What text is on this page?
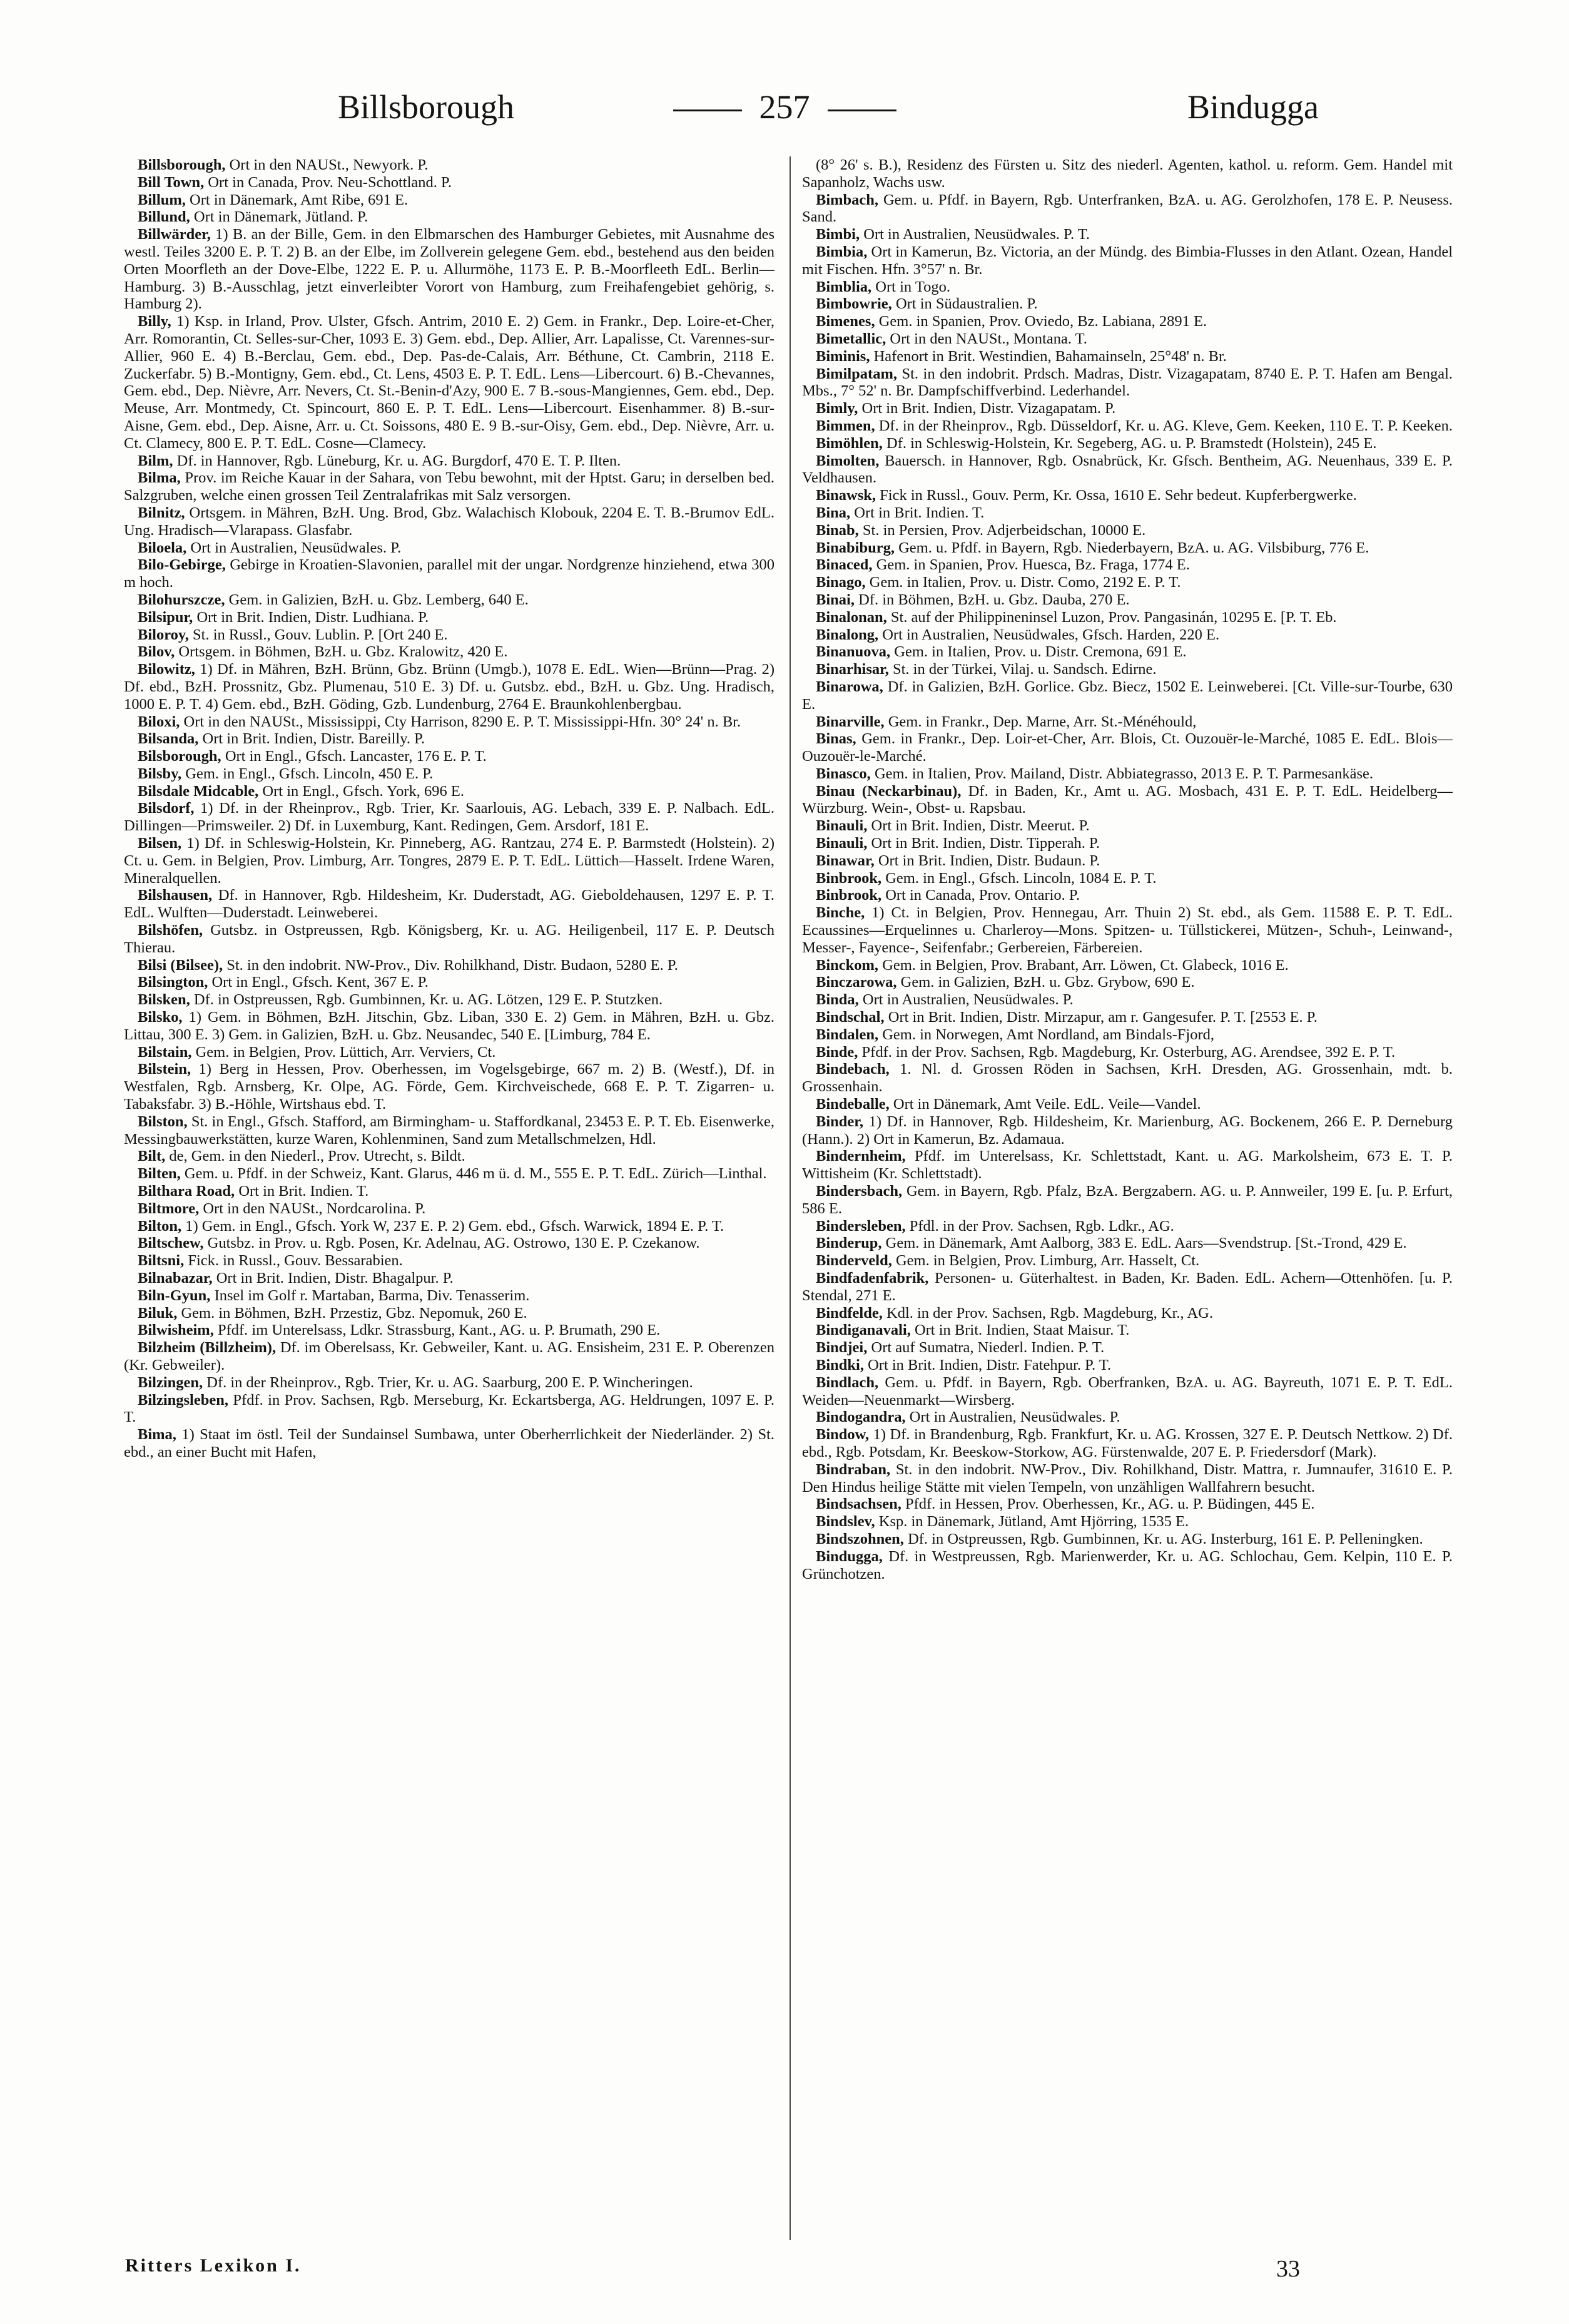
Billsborough	257	Bindugga

Billsborough, Ort in den NAUSt., Newyork. P.

Bill Town, Ort in Canada, Prov. Neu-Schottland. P.

Billum, Ort in Dänemark, Amt Ribe, 691 E.

Billund, Ort in Dänemark, Jütland. P.

Billwärder, 1) B. an der Bille, Gem. in den Elbmarschen des Hamburger Gebietes, mit Ausnahme des westl. Teiles 3200 E. P. T. 2) B. an der Elbe, im Zollverein gelegene Gem. ebd., bestehend aus den beiden Orten Moorfleth an der Dove-Elbe, 1222 E. P. u. Allurmöhe, 1173 E. P. B.-Moorfleeth EdL. Berlin—Hamburg. 3) B.-Ausschlag, jetzt einverleibter Vorort von Hamburg, zum Freihafengebiet gehörig, s. Hamburg 2).

Billy, 1) Ksp. in Irland, Prov. Ulster, Gfsch. Antrim, 2010 E. 2) Gem. in Frankr., Dep. Loire-et-Cher, Arr. Romorantin, Ct. Selles-sur-Cher, 1093 E. 3) Gem. ebd., Dep. Allier, Arr. Lapalisse, Ct. Varennes-sur-Allier, 960 E. 4) B.-Berclau, Gem. ebd., Dep. Pas-de-Calais, Arr. Béthune, Ct. Cambrin, 2118 E. Zuckerfabr. 5) B.-Montigny, Gem. ebd., Ct. Lens, 4503 E. P. T. EdL. Lens—Libercourt. 6) B.-Chevannes, Gem. ebd., Dep. Nièvre, Arr. Nevers, Ct. St.-Benin-d'Azy, 900 E. 7 B.-sous-Mangiennes, Gem. ebd., Dep. Meuse, Arr. Montmedy, Ct. Spincourt, 860 E. P. T. EdL. Lens—Libercourt. Eisenhammer. 8) B.-sur-Aisne, Gem. ebd., Dep. Aisne, Arr. u. Ct. Soissons, 480 E. 9 B.-sur-Oisy, Gem. ebd., Dep. Nièvre, Arr. u. Ct. Clamecy, 800 E. P. T. EdL. Cosne—Clamecy.

Bilm, Df. in Hannover, Rgb. Lüneburg, Kr. u. AG. Burgdorf, 470 E. T. P. Ilten.

Bilma, Prov. im Reiche Kauar in der Sahara, von Tebu bewohnt, mit der Hptst. Garu; in derselben bed. Salzgruben, welche einen grossen Teil Zentralafrikas mit Salz versorgen.

Bilnitz, Ortsgem. in Mähren, BzH. Ung. Brod, Gbz. Walachisch Klobouk, 2204 E. T. B.-Brumov EdL. Ung. Hradisch—Vlarapass. Glasfabr.

Biloela, Ort in Australien, Neusüdwales. P.

Bilo-Gebirge, Gebirge in Kroatien-Slavonien, parallel mit der ungar. Nordgrenze hinziehend, etwa 300 m hoch.

Bilohurszcze, Gem. in Galizien, BzH. u. Gbz. Lemberg, 640 E.

Bilsipur, Ort in Brit. Indien, Distr. Ludhiana. P.

Biloroy, St. in Russl., Gouv. Lublin. P. [Ort 240 E.

Bilov, Ortsgem. in Böhmen, BzH. u. Gbz. Kralowitz, 420 E.

Bilowitz, 1) Df. in Mähren, BzH. Brünn, Gbz. Brünn (Umgb.), 1078 E. EdL. Wien—Brünn—Prag. 2) Df. ebd., BzH. Prossnitz, Gbz. Plumenau, 510 E. 3) Df. u. Gutsbz. ebd., BzH. u. Gbz. Ung. Hradisch, 1000 E. P. T. 4) Gem. ebd., BzH. Göding, Gzb. Lundenburg, 2764 E. Braunkohlenbergbau.

Biloxi, Ort in den NAUSt., Mississippi, Cty Harrison, 8290 E. P. T. Mississippi-Hfn. 30° 24' n. Br.

Bilsanda, Ort in Brit. Indien, Distr. Bareilly. P.

Bilsborough, Ort in Engl., Gfsch. Lancaster, 176 E. P. T.

Bilsby, Gem. in Engl., Gfsch. Lincoln, 450 E. P.

Bilsdale Midcable, Ort in Engl., Gfsch. York, 696 E.

Bilsdorf, 1) Df. in der Rheinprov., Rgb. Trier, Kr. Saarlouis, AG. Lebach, 339 E. P. Nalbach. EdL. Dillingen—Primsweiler. 2) Df. in Luxemburg, Kant. Redingen, Gem. Arsdorf, 181 E.

Bilsen, 1) Df. in Schleswig-Holstein, Kr. Pinneberg, AG. Rantzau, 274 E. P. Barmstedt (Holstein). 2) Ct. u. Gem. in Belgien, Prov. Limburg, Arr. Tongres, 2879 E. P. T. EdL. Lüttich—Hasselt. Irdene Waren, Mineralquellen.

Bilshausen, Df. in Hannover, Rgb. Hildesheim, Kr. Duderstadt, AG. Gieboldehausen, 1297 E. P. T. EdL. Wulften—Duderstadt. Leinweberei.

Bilshöfen, Gutsbz. in Ostpreussen, Rgb. Königsberg, Kr. u. AG. Heiligenbeil, 117 E. P. Deutsch Thierau.

Bilsi (Bilsee), St. in den indobrit. NW-Prov., Div. Rohilkhand, Distr. Budaon, 5280 E. P.

Bilsington, Ort in Engl., Gfsch. Kent, 367 E. P.

Bilsken, Df. in Ostpreussen, Rgb. Gumbinnen, Kr. u. AG. Lötzen, 129 E. P. Stutzken.

Bilsko, 1) Gem. in Böhmen, BzH. Jitschin, Gbz. Liban, 330 E. 2) Gem. in Mähren, BzH. u. Gbz. Littau, 300 E. 3) Gem. in Galizien, BzH. u. Gbz. Neusandec, 540 E. [Limburg, 784 E.

Bilstain, Gem. in Belgien, Prov. Lüttich, Arr. Verviers, Ct.

Bilstein, 1) Berg in Hessen, Prov. Oberhessen, im Vogelsgebirge, 667 m. 2) B. (Westf.), Df. in Westfalen, Rgb. Arnsberg, Kr. Olpe, AG. Förde, Gem. Kirchveischede, 668 E. P. T. Zigarren- u. Tabaksfabr. 3) B.-Höhle, Wirtshaus ebd. T.

Bilston, St. in Engl., Gfsch. Stafford, am Birmingham- u. Staffordkanal, 23453 E. P. T. Eb. Eisenwerke, Messingbauwerkstätten, kurze Waren, Kohlenminen, Sand zum Metallschmelzen, Hdl.

Bilt, de, Gem. in den Niederl., Prov. Utrecht, s. Bildt.

Bilten, Gem. u. Pfdf. in der Schweiz, Kant. Glarus, 446 m ü. d. M., 555 E. P. T. EdL. Zürich—Linthal.

Bilthara Road, Ort in Brit. Indien. T.

Biltmore, Ort in den NAUSt., Nordcarolina. P.

Bilton, 1) Gem. in Engl., Gfsch. York W, 237 E. P. 2) Gem. ebd., Gfsch. Warwick, 1894 E. P. T.

Biltschew, Gutsbz. in Prov. u. Rgb. Posen, Kr. Adelnau, AG. Ostrowo, 130 E. P. Czekanow.

Biltsni, Fick. in Russl., Gouv. Bessarabien.

Bilnabazar, Ort in Brit. Indien, Distr. Bhagalpur. P.

Biln-Gyun, Insel im Golf r. Martaban, Barma, Div. Tenasserim.

Biluk, Gem. in Böhmen, BzH. Przestiz, Gbz. Nepomuk, 260 E.

Bilwisheim, Pfdf. im Unterelsass, Ldkr. Strassburg, Kant., AG. u. P. Brumath, 290 E.

Bilzheim (Billzheim), Df. im Oberelsass, Kr. Gebweiler, Kant. u. AG. Ensisheim, 231 E. P. Oberenzen (Kr. Gebweiler).

Bilzingen, Df. in der Rheinprov., Rgb. Trier, Kr. u. AG. Saarburg, 200 E. P. Wincheringen.

Bilzingsleben, Pfdf. in Prov. Sachsen, Rgb. Merseburg, Kr. Eckartsberga, AG. Heldrungen, 1097 E. P. T.

Bima, 1) Staat im östl. Teil der Sundainsel Sumbawa, unter Oberherrlichkeit der Niederländer. 2) St. ebd., an einer Bucht mit Hafen,

(8° 26' s. B.), Residenz des Fürsten u. Sitz des niederl. Agenten, kathol. u. reform. Gem. Handel mit Sapanholz, Wachs usw.

Bimbach, Gem. u. Pfdf. in Bayern, Rgb. Unterfranken, BzA. u. AG. Gerolzhofen, 178 E. P. Neusess. Sand.

Bimbi, Ort in Australien, Neusüdwales. P. T.

Bimbia, Ort in Kamerun, Bz. Victoria, an der Mündg. des Bimbia-Flusses in den Atlant. Ozean, Handel mit Fischen. Hfn. 3°57' n. Br.

Bimblia, Ort in Togo.

Bimbowrie, Ort in Südaustralien. P.

Bimenes, Gem. in Spanien, Prov. Oviedo, Bz. Labiana, 2891 E.

Bimetallic, Ort in den NAUSt., Montana. T.

Biminis, Hafenort in Brit. Westindien, Bahamainseln, 25°48' n. Br.

Bimilpatam, St. in den indobrit. Prdsch. Madras, Distr. Vizagapatam, 8740 E. P. T. Hafen am Bengal. Mbs., 7° 52' n. Br. Dampfschiffverbind. Lederhandel.

Bimly, Ort in Brit. Indien, Distr. Vizagapatam. P.

Bimmen, Df. in der Rheinprov., Rgb. Düsseldorf, Kr. u. AG. Kleve, Gem. Keeken, 110 E. T. P. Keeken.

Bimöhlen, Df. in Schleswig-Holstein, Kr. Segeberg, AG. u. P. Bramstedt (Holstein), 245 E.

Bimolten, Bauersch. in Hannover, Rgb. Osnabrück, Kr. Gfsch. Bentheim, AG. Neuenhaus, 339 E. P. Veldhausen.

Binawsk, Fick in Russl., Gouv. Perm, Kr. Ossa, 1610 E. Sehr bedeut. Kupferbergwerke.

Bina, Ort in Brit. Indien. T.

Binab, St. in Persien, Prov. Adjerbeidschan, 10000 E.

Binabiburg, Gem. u. Pfdf. in Bayern, Rgb. Niederbayern, BzA. u. AG. Vilsbiburg, 776 E.

Binaced, Gem. in Spanien, Prov. Huesca, Bz. Fraga, 1774 E.

Binago, Gem. in Italien, Prov. u. Distr. Como, 2192 E. P. T.

Binai, Df. in Böhmen, BzH. u. Gbz. Dauba, 270 E.

Binalonan, St. auf der Philippineninsel Luzon, Prov. Pangasinán, 10295 E. [P. T. Eb.

Binalong, Ort in Australien, Neusüdwales, Gfsch. Harden, 220 E.

Binanuova, Gem. in Italien, Prov. u. Distr. Cremona, 691 E.

Binarhisar, St. in der Türkei, Vilaj. u. Sandsch. Edirne.

Binarowa, Df. in Galizien, BzH. Gorlice. Gbz. Biecz, 1502 E. Leinweberei. [Ct. Ville-sur-Tourbe, 630 E.

Binarville, Gem. in Frankr., Dep. Marne, Arr. St.-Ménéhould,

Binas, Gem. in Frankr., Dep. Loir-et-Cher, Arr. Blois, Ct. Ouzouër-le-Marché, 1085 E. EdL. Blois—Ouzouër-le-Marché.

Binasco, Gem. in Italien, Prov. Mailand, Distr. Abbiategrasso, 2013 E. P. T. Parmesankäse.

Binau (Neckarbinau), Df. in Baden, Kr., Amt u. AG. Mosbach, 431 E. P. T. EdL. Heidelberg—Würzburg. Wein-, Obst- u. Rapsbau.

Binauli, Ort in Brit. Indien, Distr. Meerut. P.

Binauli, Ort in Brit. Indien, Distr. Tipperah. P.

Binawar, Ort in Brit. Indien, Distr. Budaun. P.

Binbrook, Gem. in Engl., Gfsch. Lincoln, 1084 E. P. T.

Binbrook, Ort in Canada, Prov. Ontario. P.

Binche, 1) Ct. in Belgien, Prov. Hennegau, Arr. Thuin 2) St. ebd., als Gem. 11588 E. P. T. EdL. Ecaussines—Erquelinnes u. Charleroy—Mons. Spitzen- u. Tüllstickerei, Mützen-, Schuh-, Leinwand-, Messer-, Fayence-, Seifenfabr.; Gerbereien, Färbereien.

Binckom, Gem. in Belgien, Prov. Brabant, Arr. Löwen, Ct. Glabeck, 1016 E.

Binczarowa, Gem. in Galizien, BzH. u. Gbz. Grybow, 690 E.

Binda, Ort in Australien, Neusüdwales. P.

Bindschal, Ort in Brit. Indien, Distr. Mirzapur, am r. Gangesufer. P. T. [2553 E. P.

Bindalen, Gem. in Norwegen, Amt Nordland, am Bindals-Fjord,

Binde, Pfdf. in der Prov. Sachsen, Rgb. Magdeburg, Kr. Osterburg, AG. Arendsee, 392 E. P. T.

Bindebach, 1. Nl. d. Grossen Röden in Sachsen, KrH. Dresden, AG. Grossenhain, mdt. b. Grossenhain.

Bindeballe, Ort in Dänemark, Amt Veile. EdL. Veile—Vandel.

Binder, 1) Df. in Hannover, Rgb. Hildesheim, Kr. Marienburg, AG. Bockenem, 266 E. P. Derneburg (Hann.). 2) Ort in Kamerun, Bz. Adamaua.

Bindernheim, Pfdf. im Unterelsass, Kr. Schlettstadt, Kant. u. AG. Markolsheim, 673 E. T. P. Wittisheim (Kr. Schlettstadt).

Bindersbach, Gem. in Bayern, Rgb. Pfalz, BzA. Bergzabern. AG. u. P. Annweiler, 199 E. [u. P. Erfurt, 586 E.

Bindersleben, Pfdl. in der Prov. Sachsen, Rgb. Ldkr., AG.

Binderup, Gem. in Dänemark, Amt Aalborg, 383 E. EdL. Aars—Svendstrup. [St.-Trond, 429 E.

Binderveld, Gem. in Belgien, Prov. Limburg, Arr. Hasselt, Ct.

Bindfadenfabrik, Personen- u. Güterhaltest. in Baden, Kr. Baden. EdL. Achern—Ottenhöfen. [u. P. Stendal, 271 E.

Bindfelde, Kdl. in der Prov. Sachsen, Rgb. Magdeburg, Kr., AG.

Bindiganavali, Ort in Brit. Indien, Staat Maisur. T.

Bindjei, Ort auf Sumatra, Niederl. Indien. P. T.

Bindki, Ort in Brit. Indien, Distr. Fatehpur. P. T.

Bindlach, Gem. u. Pfdf. in Bayern, Rgb. Oberfranken, BzA. u. AG. Bayreuth, 1071 E. P. T. EdL. Weiden—Neuenmarkt—Wirsberg.

Bindogandra, Ort in Australien, Neusüdwales. P.

Bindow, 1) Df. in Brandenburg, Rgb. Frankfurt, Kr. u. AG. Krossen, 327 E. P. Deutsch Nettkow. 2) Df. ebd., Rgb. Potsdam, Kr. Beeskow-Storkow, AG. Fürstenwalde, 207 E. P. Friedersdorf (Mark).

Bindraban, St. in den indobrit. NW-Prov., Div. Rohilkhand, Distr. Mattra, r. Jumnaufer, 31610 E. P. Den Hindus heilige Stätte mit vielen Tempeln, von unzähligen Wallfahrern besucht.

Bindsachsen, Pfdf. in Hessen, Prov. Oberhessen, Kr., AG. u. P. Büdingen, 445 E.

Bindslev, Ksp. in Dänemark, Jütland, Amt Hjörring, 1535 E.

Bindszohnen, Df. in Ostpreussen, Rgb. Gumbinnen, Kr. u. AG. Insterburg, 161 E. P. Pelleningken.

Bindugga, Df. in Westpreussen, Rgb. Marienwerder, Kr. u. AG. Schlochau, Gem. Kelpin, 110 E. P. Grünchotzen.

Ritters Lexikon I.	33
